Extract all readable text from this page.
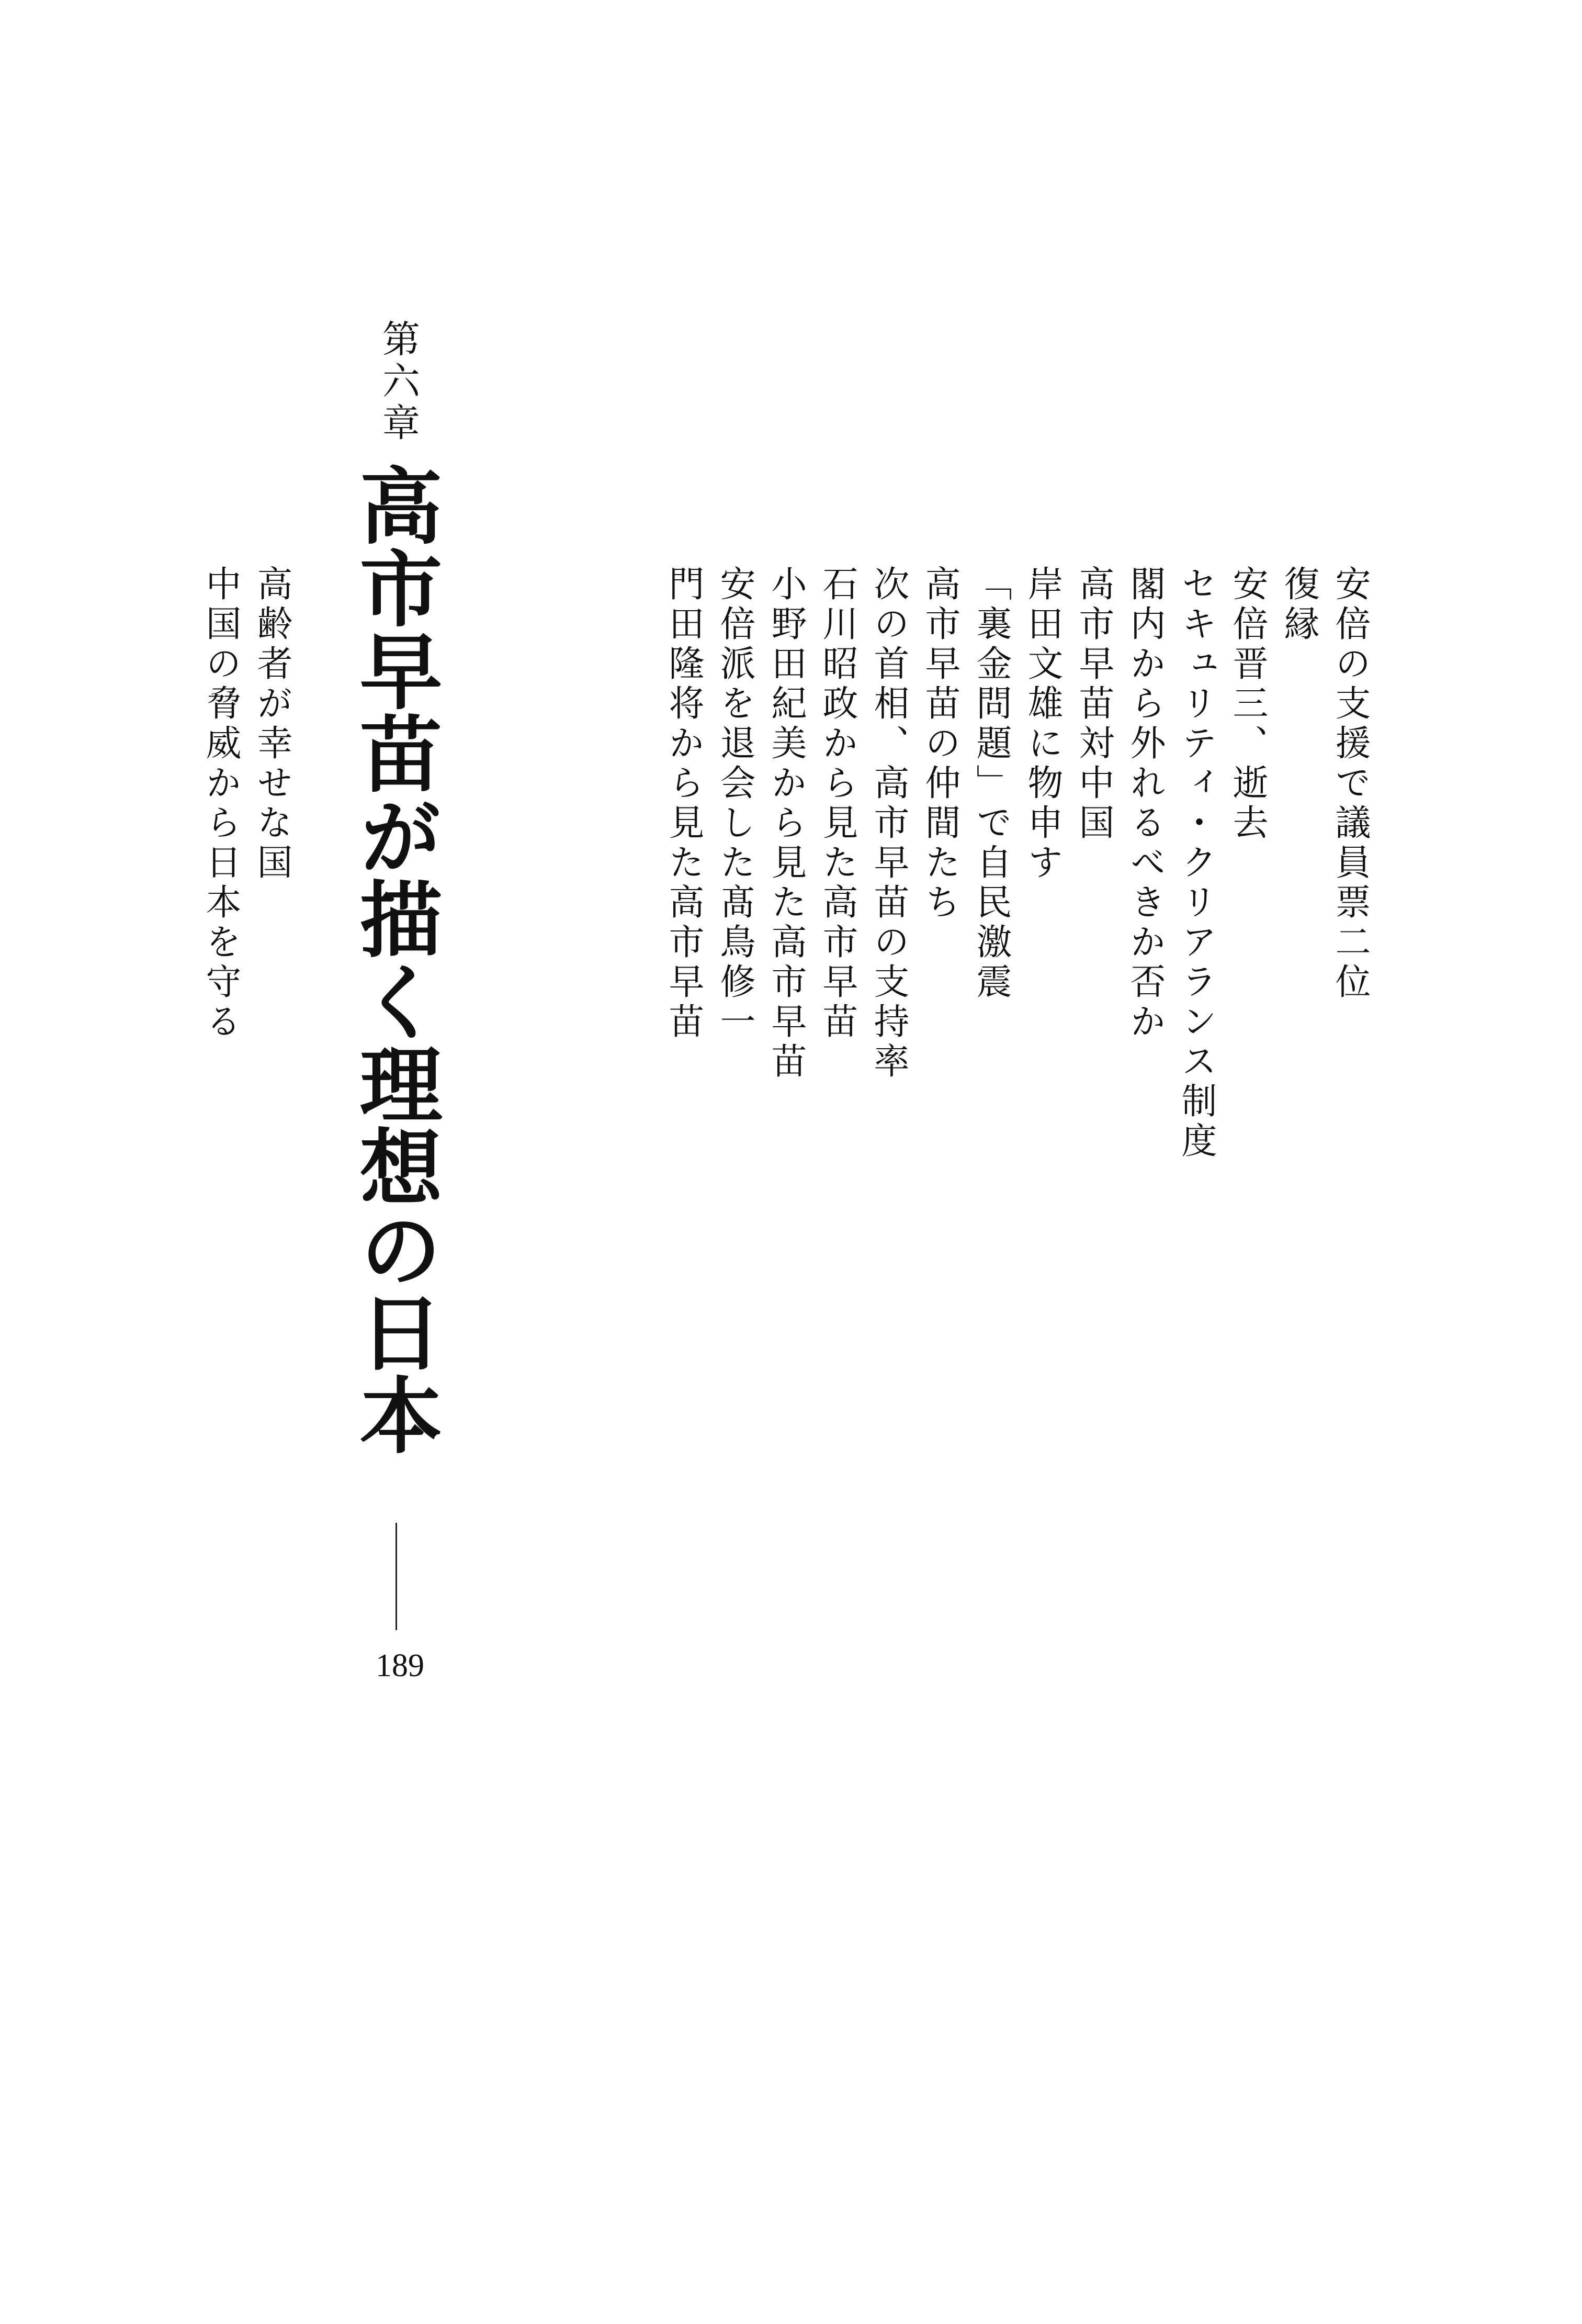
安倍の支援で議員票二位
復縁
安倍晋三、逝去
セキュリティ・クリアランス制度
閣内から外れるべきか否か
高市早苗対中国
岸田文雄に物申す
「裏金問題」で自民激震
高市早苗の仲間たち
次の首相、高市早苗の支持率
石川昭政から見た高市早苗
小野田紀美から見た高市早苗
安倍派を退会した髙鳥修一
門田隆将から見た高市早苗
第六章
高市早苗が描く理想の日本
189
高齢者が幸せな国
中国の脅威から日本を守る
